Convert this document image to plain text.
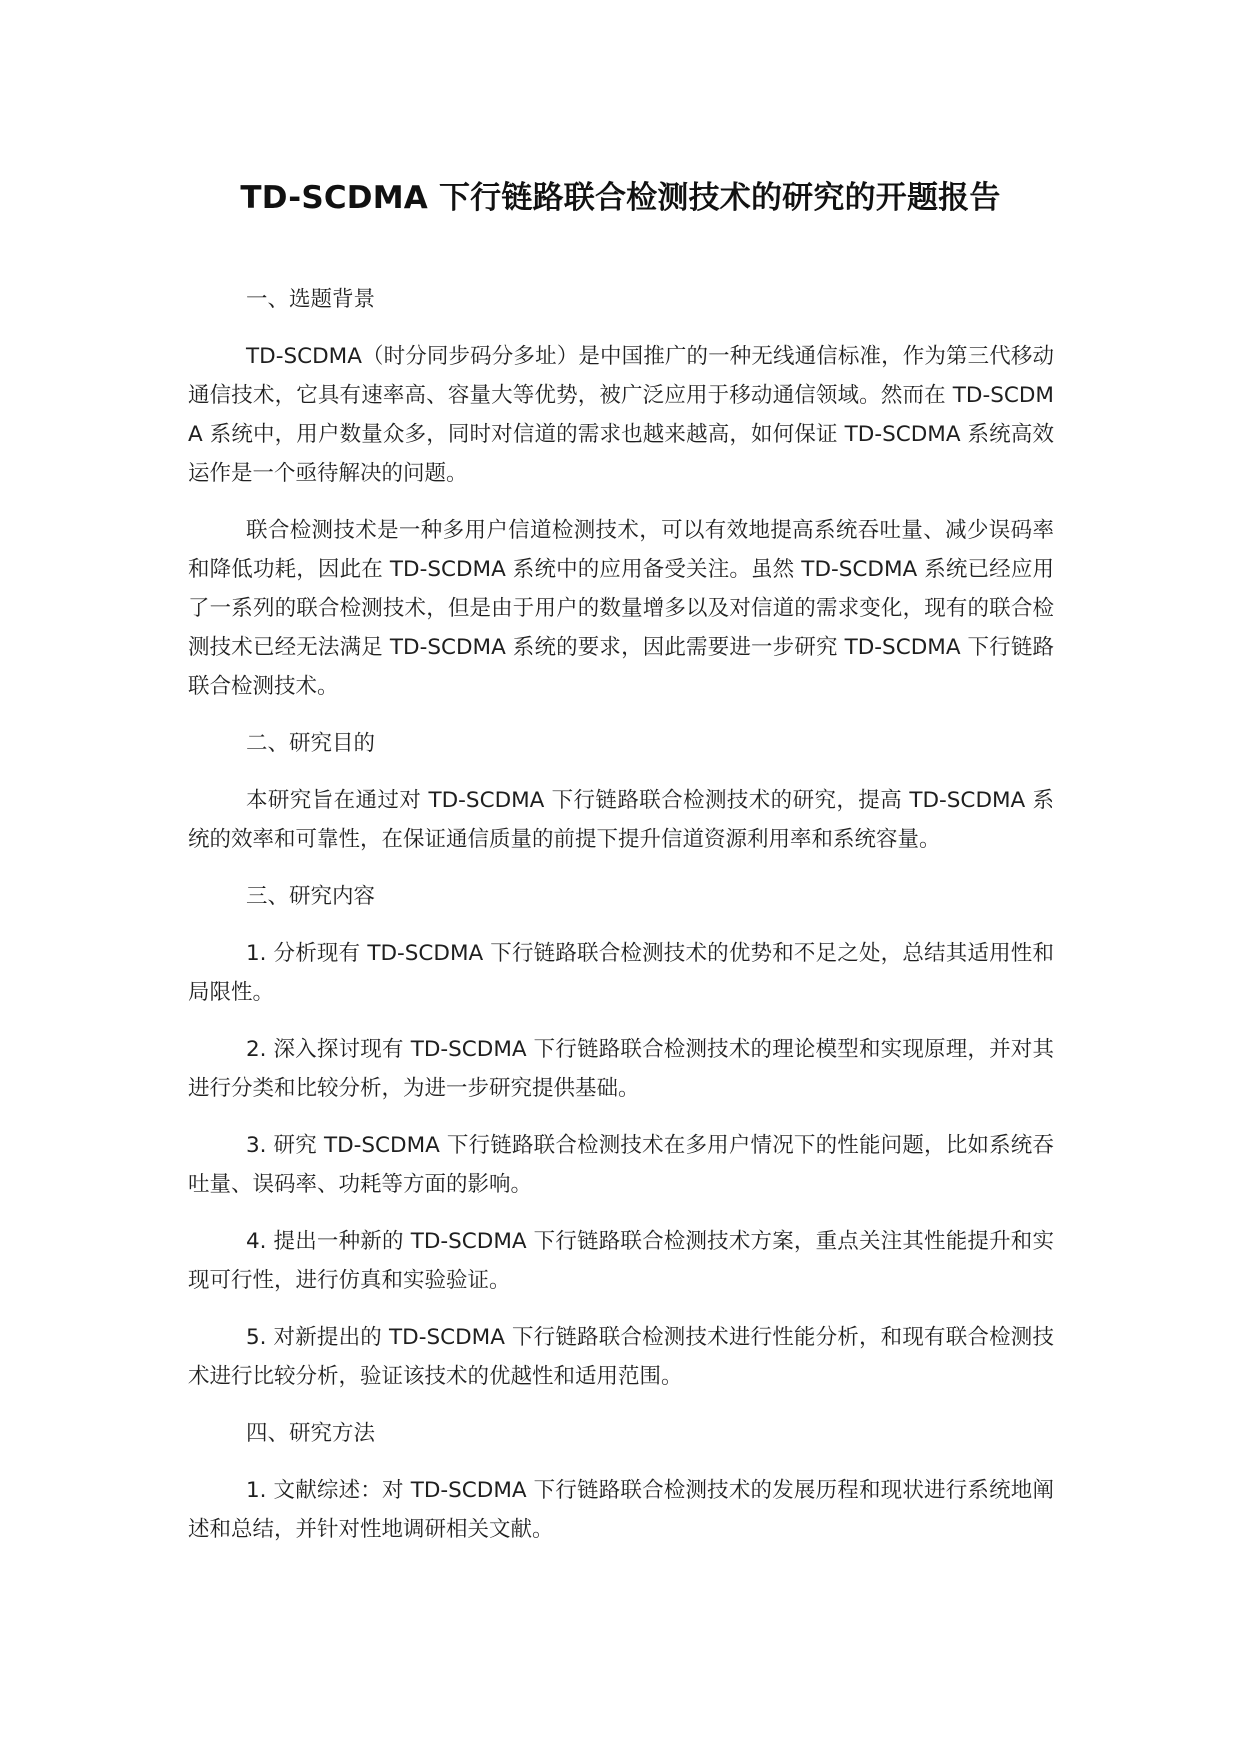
TD-SCDMA 下行链路联合检测技术的研究的开题报告

一、选题背景

TD-SCDMA（时分同步码分多址）是中国推广的一种无线通信标准，作为第三代移动通信技术，它具有速率高、容量大等优势，被广泛应用于移动通信领域。然而在 TD-SCDMA 系统中，用户数量众多，同时对信道的需求也越来越高，如何保证 TD-SCDMA 系统高效运作是一个亟待解决的问题。

联合检测技术是一种多用户信道检测技术，可以有效地提高系统吞吐量、减少误码率和降低功耗，因此在 TD-SCDMA 系统中的应用备受关注。虽然 TD-SCDMA 系统已经应用了一系列的联合检测技术，但是由于用户的数量增多以及对信道的需求变化，现有的联合检测技术已经无法满足 TD-SCDMA 系统的要求，因此需要进一步研究 TD-SCDMA 下行链路联合检测技术。

二、研究目的

本研究旨在通过对 TD-SCDMA 下行链路联合检测技术的研究，提高 TD-SCDMA 系统的效率和可靠性，在保证通信质量的前提下提升信道资源利用率和系统容量。

三、研究内容

1. 分析现有 TD-SCDMA 下行链路联合检测技术的优势和不足之处，总结其适用性和局限性。

2. 深入探讨现有 TD-SCDMA 下行链路联合检测技术的理论模型和实现原理，并对其进行分类和比较分析，为进一步研究提供基础。

3. 研究 TD-SCDMA 下行链路联合检测技术在多用户情况下的性能问题，比如系统吞吐量、误码率、功耗等方面的影响。

4. 提出一种新的 TD-SCDMA 下行链路联合检测技术方案，重点关注其性能提升和实现可行性，进行仿真和实验验证。

5. 对新提出的 TD-SCDMA 下行链路联合检测技术进行性能分析，和现有联合检测技术进行比较分析，验证该技术的优越性和适用范围。

四、研究方法

1. 文献综述：对 TD-SCDMA 下行链路联合检测技术的发展历程和现状进行系统地阐述和总结，并针对性地调研相关文献。
